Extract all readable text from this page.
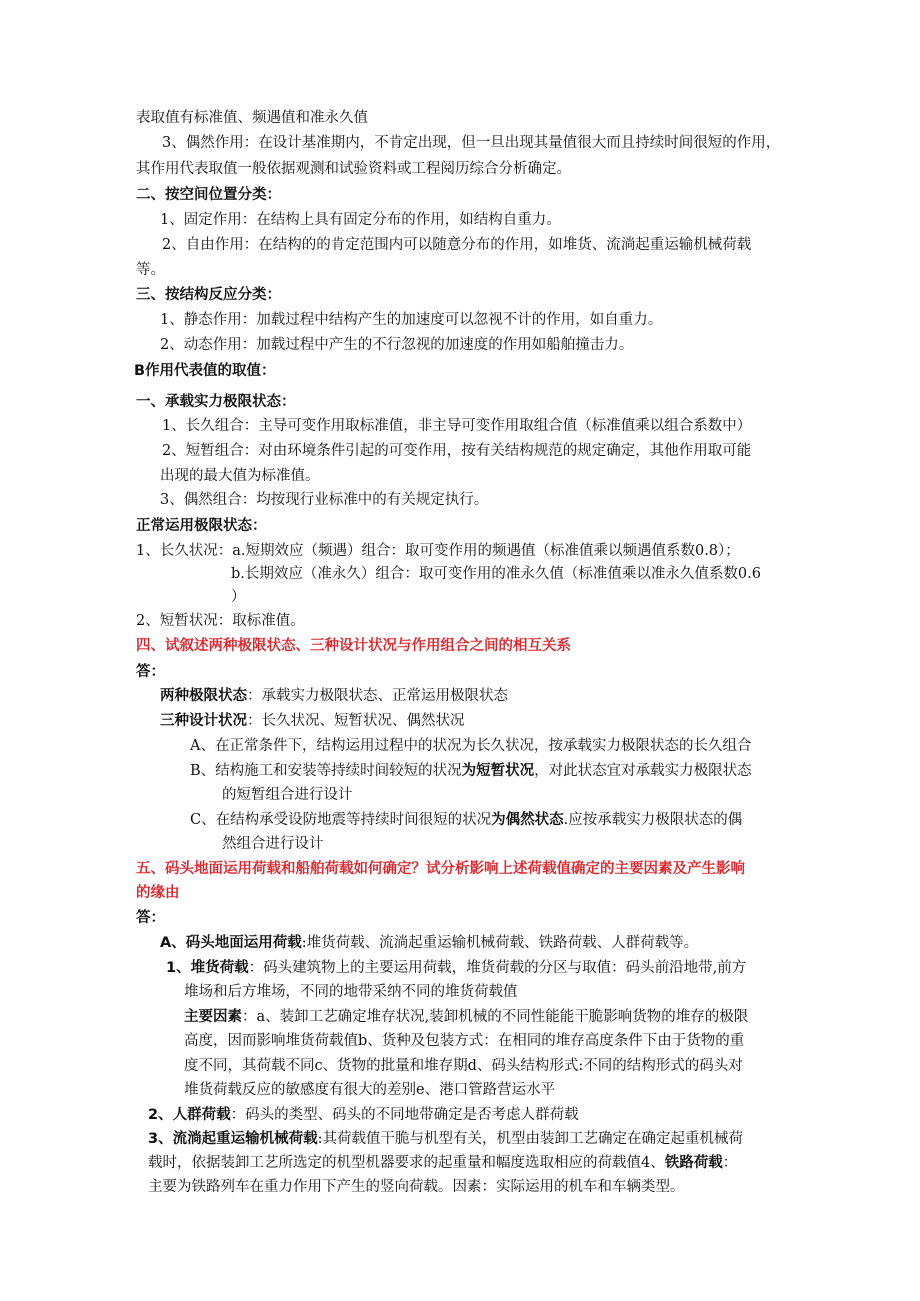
表取值有标准值、频遇值和准永久值
3、偶然作用：在设计基准期内，不肯定出现，但一旦出现其量值很大而且持续时间很短的作用，
其作用代表取值一般依据观测和试验资料或工程阅历综合分析确定。
二、按空间位置分类：
1、固定作用：在结构上具有固定分布的作用，如结构自重力。
2、自由作用：在结构的的肯定范围内可以随意分布的作用，如堆货、流淌起重运输机械荷载
等。
三、按结构反应分类：
1、静态作用：加载过程中结构产生的加速度可以忽视不计的作用，如自重力。
2、动态作用：加载过程中产生的不行忽视的加速度的作用如船舶撞击力。
B作用代表值的取值：
一、承载实力极限状态：
1、长久组合：主导可变作用取标准值，非主导可变作用取组合值（标准值乘以组合系数中）
2、短暂组合：对由环境条件引起的可变作用，按有关结构规范的规定确定，其他作用取可能
出现的最大值为标准值。
3、偶然组合：均按现行业标准中的有关规定执行。
正常运用极限状态：
1、长久状况：a.短期效应（频遇）组合：取可变作用的频遇值（标准值乘以频遇值系数0.8）；
b.长期效应（准永久）组合：取可变作用的准永久值（标准值乘以准永久值系数0.6
）
2、短暂状况：取标准值。
四、试叙述两种极限状态、三种设计状况与作用组合之间的相互关系
答：
两种极限状态：承载实力极限状态、正常运用极限状态
三种设计状况：长久状况、短暂状况、偶然状况
A、在正常条件下，结构运用过程中的状况为长久状况，按承载实力极限状态的长久组合
B、结构施工和安装等持续时间较短的状况为短暂状况，对此状态宜对承载实力极限状态
的短暂组合进行设计
C、在结构承受设防地震等持续时间很短的状况为偶然状态.应按承载实力极限状态的偶
然组合进行设计
五、码头地面运用荷载和船舶荷载如何确定？试分析影响上述荷载值确定的主要因素及产生影响
的缘由
答：
A、码头地面运用荷载:堆货荷载、流淌起重运输机械荷载、铁路荷载、人群荷载等。
1、堆货荷载：码头建筑物上的主要运用荷载，堆货荷载的分区与取值：码头前沿地带,前方
堆场和后方堆场，不同的地带采纳不同的堆货荷载值
主要因素：a、装卸工艺确定堆存状况,装卸机械的不同性能能干脆影响货物的堆存的极限
高度，因而影响堆货荷载值b、货种及包装方式：在相同的堆存高度条件下由于货物的重
度不同，其荷载不同c、货物的批量和堆存期d、码头结构形式:不同的结构形式的码头对
堆货荷载反应的敏感度有很大的差别e、港口管路营运水平
2、人群荷载：码头的类型、码头的不同地带确定是否考虑人群荷载
3、流淌起重运输机械荷载:其荷载值干脆与机型有关，机型由装卸工艺确定在确定起重机械荷
载时，依据装卸工艺所选定的机型机器要求的起重量和幅度选取相应的荷载值4、铁路荷载：
主要为铁路列车在重力作用下产生的竖向荷载。因素：实际运用的机车和车辆类型。
